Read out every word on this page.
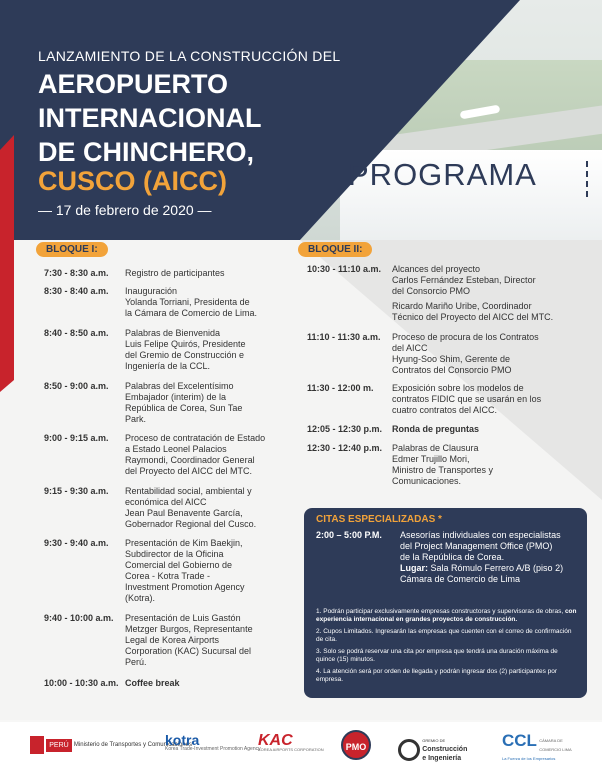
LANZAMIENTO DE LA CONSTRUCCIÓN DEL
AEROPUERTO
INTERNACIONAL
DE CHINCHERO,
CUSCO (AICC)
— 17 de febrero de 2020 —
PROGRAMA
BLOQUE I:	BLOQUE II:
7:30 - 8:30 a.m. Registro de participantes
8:30 - 8:40 a.m. Inauguración
Yolanda Torriani, Presidenta de
la Cámara de Comercio de Lima.
8:40 - 8:50 a.m. Palabras de Bienvenida
Luis Felipe Quirós, Presidente
del Gremio de Construcción e
Ingeniería de la CCL.
8:50 - 9:00 a.m. Palabras del Excelentísimo
Embajador (interim) de la
República de Corea, Sun Tae
Park.
9:00 - 9:15 a.m. Proceso de contratación de Estado
a Estado Leonel Palacios
Raymondi, Coordinador General
del Proyecto del AICC del MTC.
9:15 - 9:30 a.m. Rentabilidad social, ambiental y
económica del AICC
Jean Paul Benavente García,
Gobernador Regional del Cusco.
9:30 - 9:40 a.m. Presentación de Kim Baekjin,
Subdirector de la Oficina
Comercial del Gobierno de
Corea - Kotra Trade -
Investment Promotion Agency
(Kotra).
9:40 - 10:00 a.m. Presentación de Luis Gastón
Metzger Burgos, Representante
Legal de Korea Airports
Corporation (KAC) Sucursal del
Perú.
10:00 - 10:30 a.m. Coffee break
10:30 - 11:10 a.m. Alcances del proyecto
Carlos Fernández Esteban, Director
del Consorcio PMO
Ricardo Mariño Uribe, Coordinador
Técnico del Proyecto del AICC del MTC.
11:10 - 11:30 a.m. Proceso de procura de los Contratos
del AICC
Hyung-Soo Shim, Gerente de
Contratos del Consorcio PMO
11:30 - 12:00 m. Exposición sobre los modelos de
contratos FIDIC que se usarán en los
cuatro contratos del AICC.
12:05 - 12:30 p.m. Ronda de preguntas
12:30 - 12:40 p.m. Palabras de Clausura
Edmer Trujillo Mori,
Ministro de Transportes y
Comunicaciones.
CITAS ESPECIALIZADAS *
2:00 – 5:00 P.M. Asesorías individuales con especialistas
del Project Management Office (PMO)
de la República de Corea.
Lugar: Sala Rómulo Ferrero A/B (piso 2)
Cámara de Comercio de Lima
1. Podrán participar exclusivamente empresas constructoras y supervisoras de obras, con experiencia internacional en grandes proyectos de construcción.
2. Cupos Limitados. Ingresarán las empresas que cuenten con el correo de confirmación de cita.
3. Solo se podrá reservar una cita por empresa que tendrá una duración máxima de quince (15) minutos.
4. La atención será por orden de llegada y podrán ingresar dos (2) participantes por empresa.
PERÚ Ministerio de Transportes y Comunicaciones
kotra
Korea Trade-Investment Promotion Agency
KAC
KOREA AIRPORTS CORPORATION	PMO
GREMIO DE
Construcción
e Ingeniería
CCL CÁMARA DE COMERCIO LIMA
La Fuerza de los Empresarios
